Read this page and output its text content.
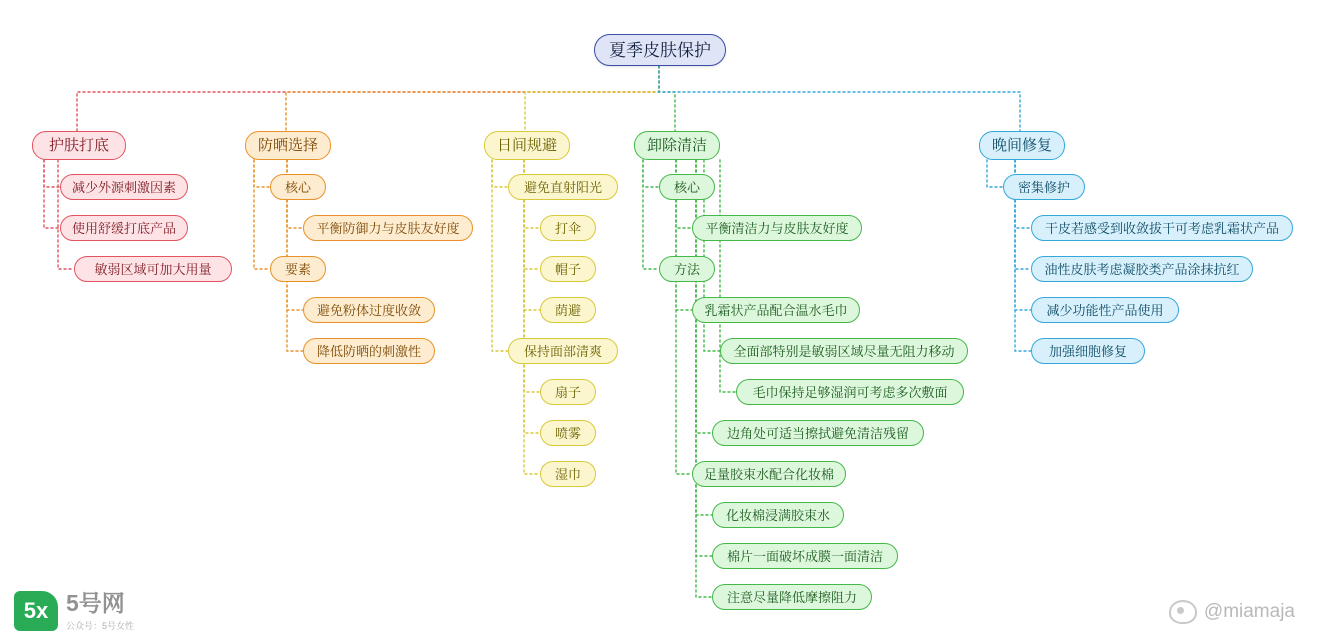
夏季皮肤保护
护肤打底
减少外源刺激因素
使用舒缓打底产品
敏弱区域可加大用量
防晒选择
核心
平衡防御力与皮肤友好度
要素
避免粉体过度收敛
降低防晒的刺激性
日间规避
避免直射阳光
打伞
帽子
荫避
保持面部清爽
扇子
喷雾
湿巾
卸除清洁
核心
平衡清洁力与皮肤友好度
方法
乳霜状产品配合温水毛巾
全面部特别是敏弱区域尽量无阻力移动
毛巾保持足够湿润可考虑多次敷面
边角处可适当擦拭避免清洁残留
足量胶束水配合化妆棉
化妆棉浸满胶束水
棉片一面破坏成膜一面清洁
注意尽量降低摩擦阻力
晚间修复
密集修护
干皮若感受到收敛拔干可考虑乳霜状产品
油性皮肤考虑凝胶类产品涂抹抗红
减少功能性产品使用
加强细胞修复
5x 5号网
公众号：5号女性
@miamaja
